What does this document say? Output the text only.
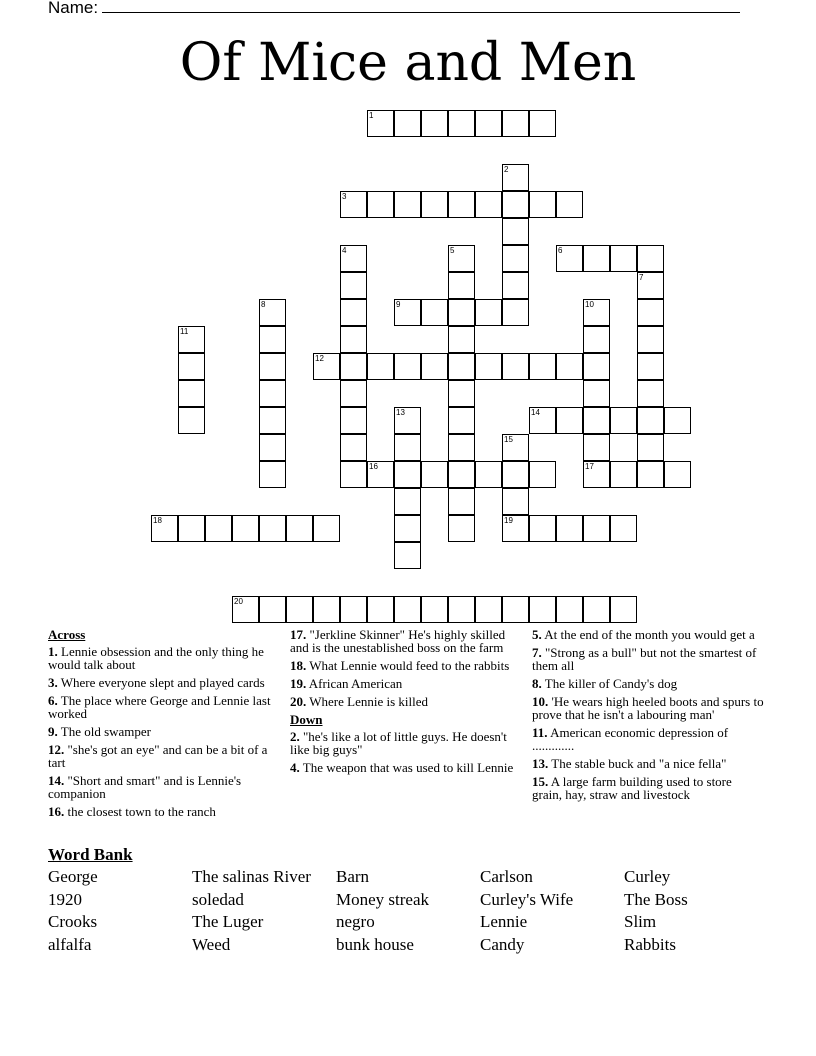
Name:
Of Mice and Men
1
2
3
4	5	6
7
8	9	10
17
11
12
13	14
15
19
16
18
20
Across
1. Lennie obsession and the only thing he would talk about
3. Where everyone slept and played cards
6. The place where George and Lennie last worked
9. The old swamper
12. "she's got an eye" and can be a bit of a tart
14. "Short and smart" and is Lennie's companion
16. the closest town to the ranch
17. "Jerkline Skinner" He's highly skilled and is the unestablished boss on the farm
18. What Lennie would feed to the rabbits
19. African American
20. Where Lennie is killed
Down
2. "he's like a lot of little guys. He doesn't like big guys"
4. The weapon that was used to kill Lennie
5. At the end of the month you would get a
7. "Strong as a bull" but not the smartest of them all
8. The killer of Candy's dog
10. 'He wears high heeled boots and spurs to prove that he isn't a labouring man'
11. American economic depression of .............
13. The stable buck and "a nice fella"
15. A large farm building used to store grain, hay, straw and livestock
Word Bank
George	The salinas River	Barn	Carlson	Curley
1920	soledad	Money streak	Curley's Wife	The Boss
Crooks	The Luger	negro	Lennie	Slim
alfalfa	Weed	bunk house	Candy	Rabbits
